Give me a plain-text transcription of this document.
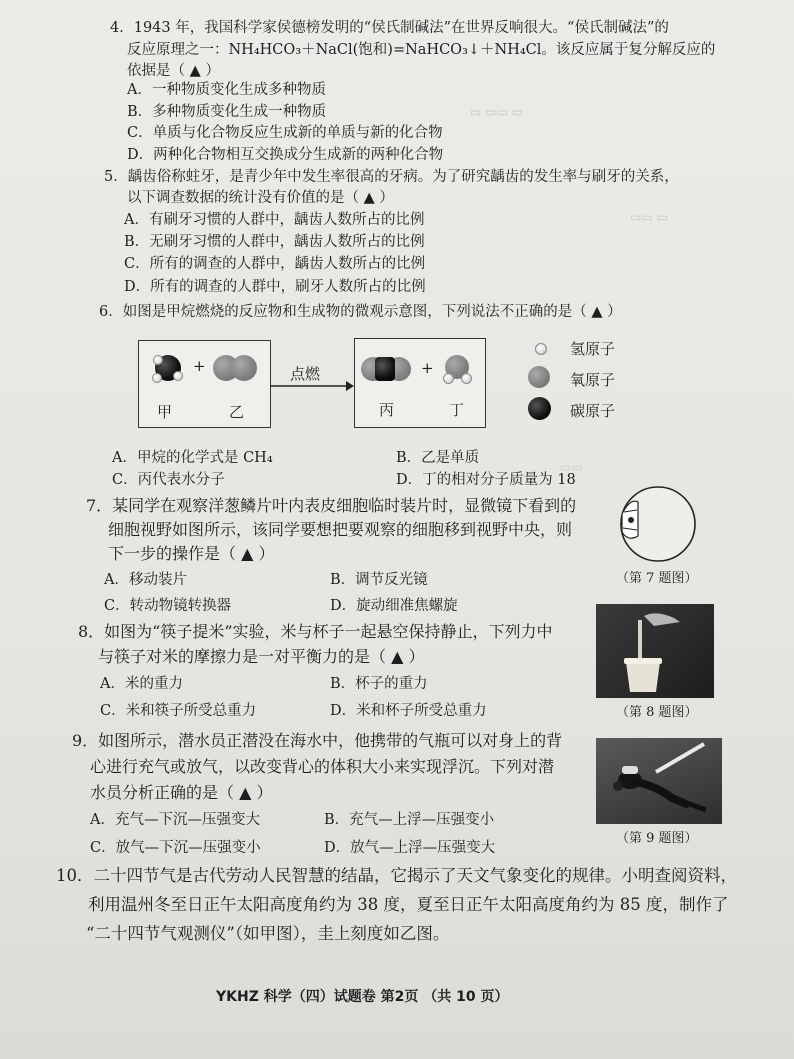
▭ ▭▭ ▭
▭▭ ▭
▭▭
4．1943 年，我国科学家侯德榜发明的“侯氏制碱法”在世界反响很大。“侯氏制碱法”的
反应原理之一：NH₄HCO₃＋NaCl(饱和)=NaHCO₃↓＋NH₄Cl。该反应属于复分解反应的
依据是（ ▲ ）
A．一种物质变化生成多种物质
B．多种物质变化生成一种物质
C．单质与化合物反应生成新的单质与新的化合物
D．两种化合物相互交换成分生成新的两种化合物
5．龋齿俗称蛀牙，是青少年中发生率很高的牙病。为了研究龋齿的发生率与刷牙的关系，
以下调查数据的统计没有价值的是（ ▲ ）
A．有刷牙习惯的人群中，龋齿人数所占的比例
B．无刷牙习惯的人群中，龋齿人数所占的比例
C．所有的调查的人群中，龋齿人数所占的比例
D．所有的调查的人群中，刷牙人数所占的比例
6．如图是甲烷燃烧的反应物和生成物的微观示意图，下列说法不正确的是（ ▲ ）
+
甲	乙
点燃	+
丙	丁
氢原子
氧原子
碳原子
A．甲烷的化学式是 CH₄	B．乙是单质
C．丙代表水分子	D．丁的相对分子质量为 18
7．某同学在观察洋葱鳞片叶内表皮细胞临时装片时，显微镜下看到的
细胞视野如图所示，该同学要想把要观察的细胞移到视野中央，则
下一步的操作是（ ▲ ）
A．移动装片	B．调节反光镜
C．转动物镜转换器	D．旋动细准焦螺旋
（第 7 题图）
8．如图为“筷子提米”实验，米与杯子一起悬空保持静止，下列力中
与筷子对米的摩擦力是一对平衡力的是（ ▲ ）
A．米的重力	B．杯子的重力
C．米和筷子所受总重力	D．米和杯子所受总重力	（第 8 题图）
9．如图所示，潜水员正潜没在海水中，他携带的气瓶可以对身上的背
心进行充气或放气，以改变背心的体积大小来实现浮沉。下列对潜
水员分析正确的是（ ▲ ）
A．充气—下沉—压强变大	B．充气—上浮—压强变小
C．放气—下沉—压强变小	D．放气—上浮—压强变大
（第 9 题图）
10．二十四节气是古代劳动人民智慧的结晶，它揭示了天文气象变化的规律。小明查阅资料，
利用温州冬至日正午太阳高度角约为 38 度，夏至日正午太阳高度角约为 85 度，制作了
“二十四节气观测仪”（如甲图），圭上刻度如乙图。
YKHZ 科学（四）试题卷 第2页 （共 10 页）
